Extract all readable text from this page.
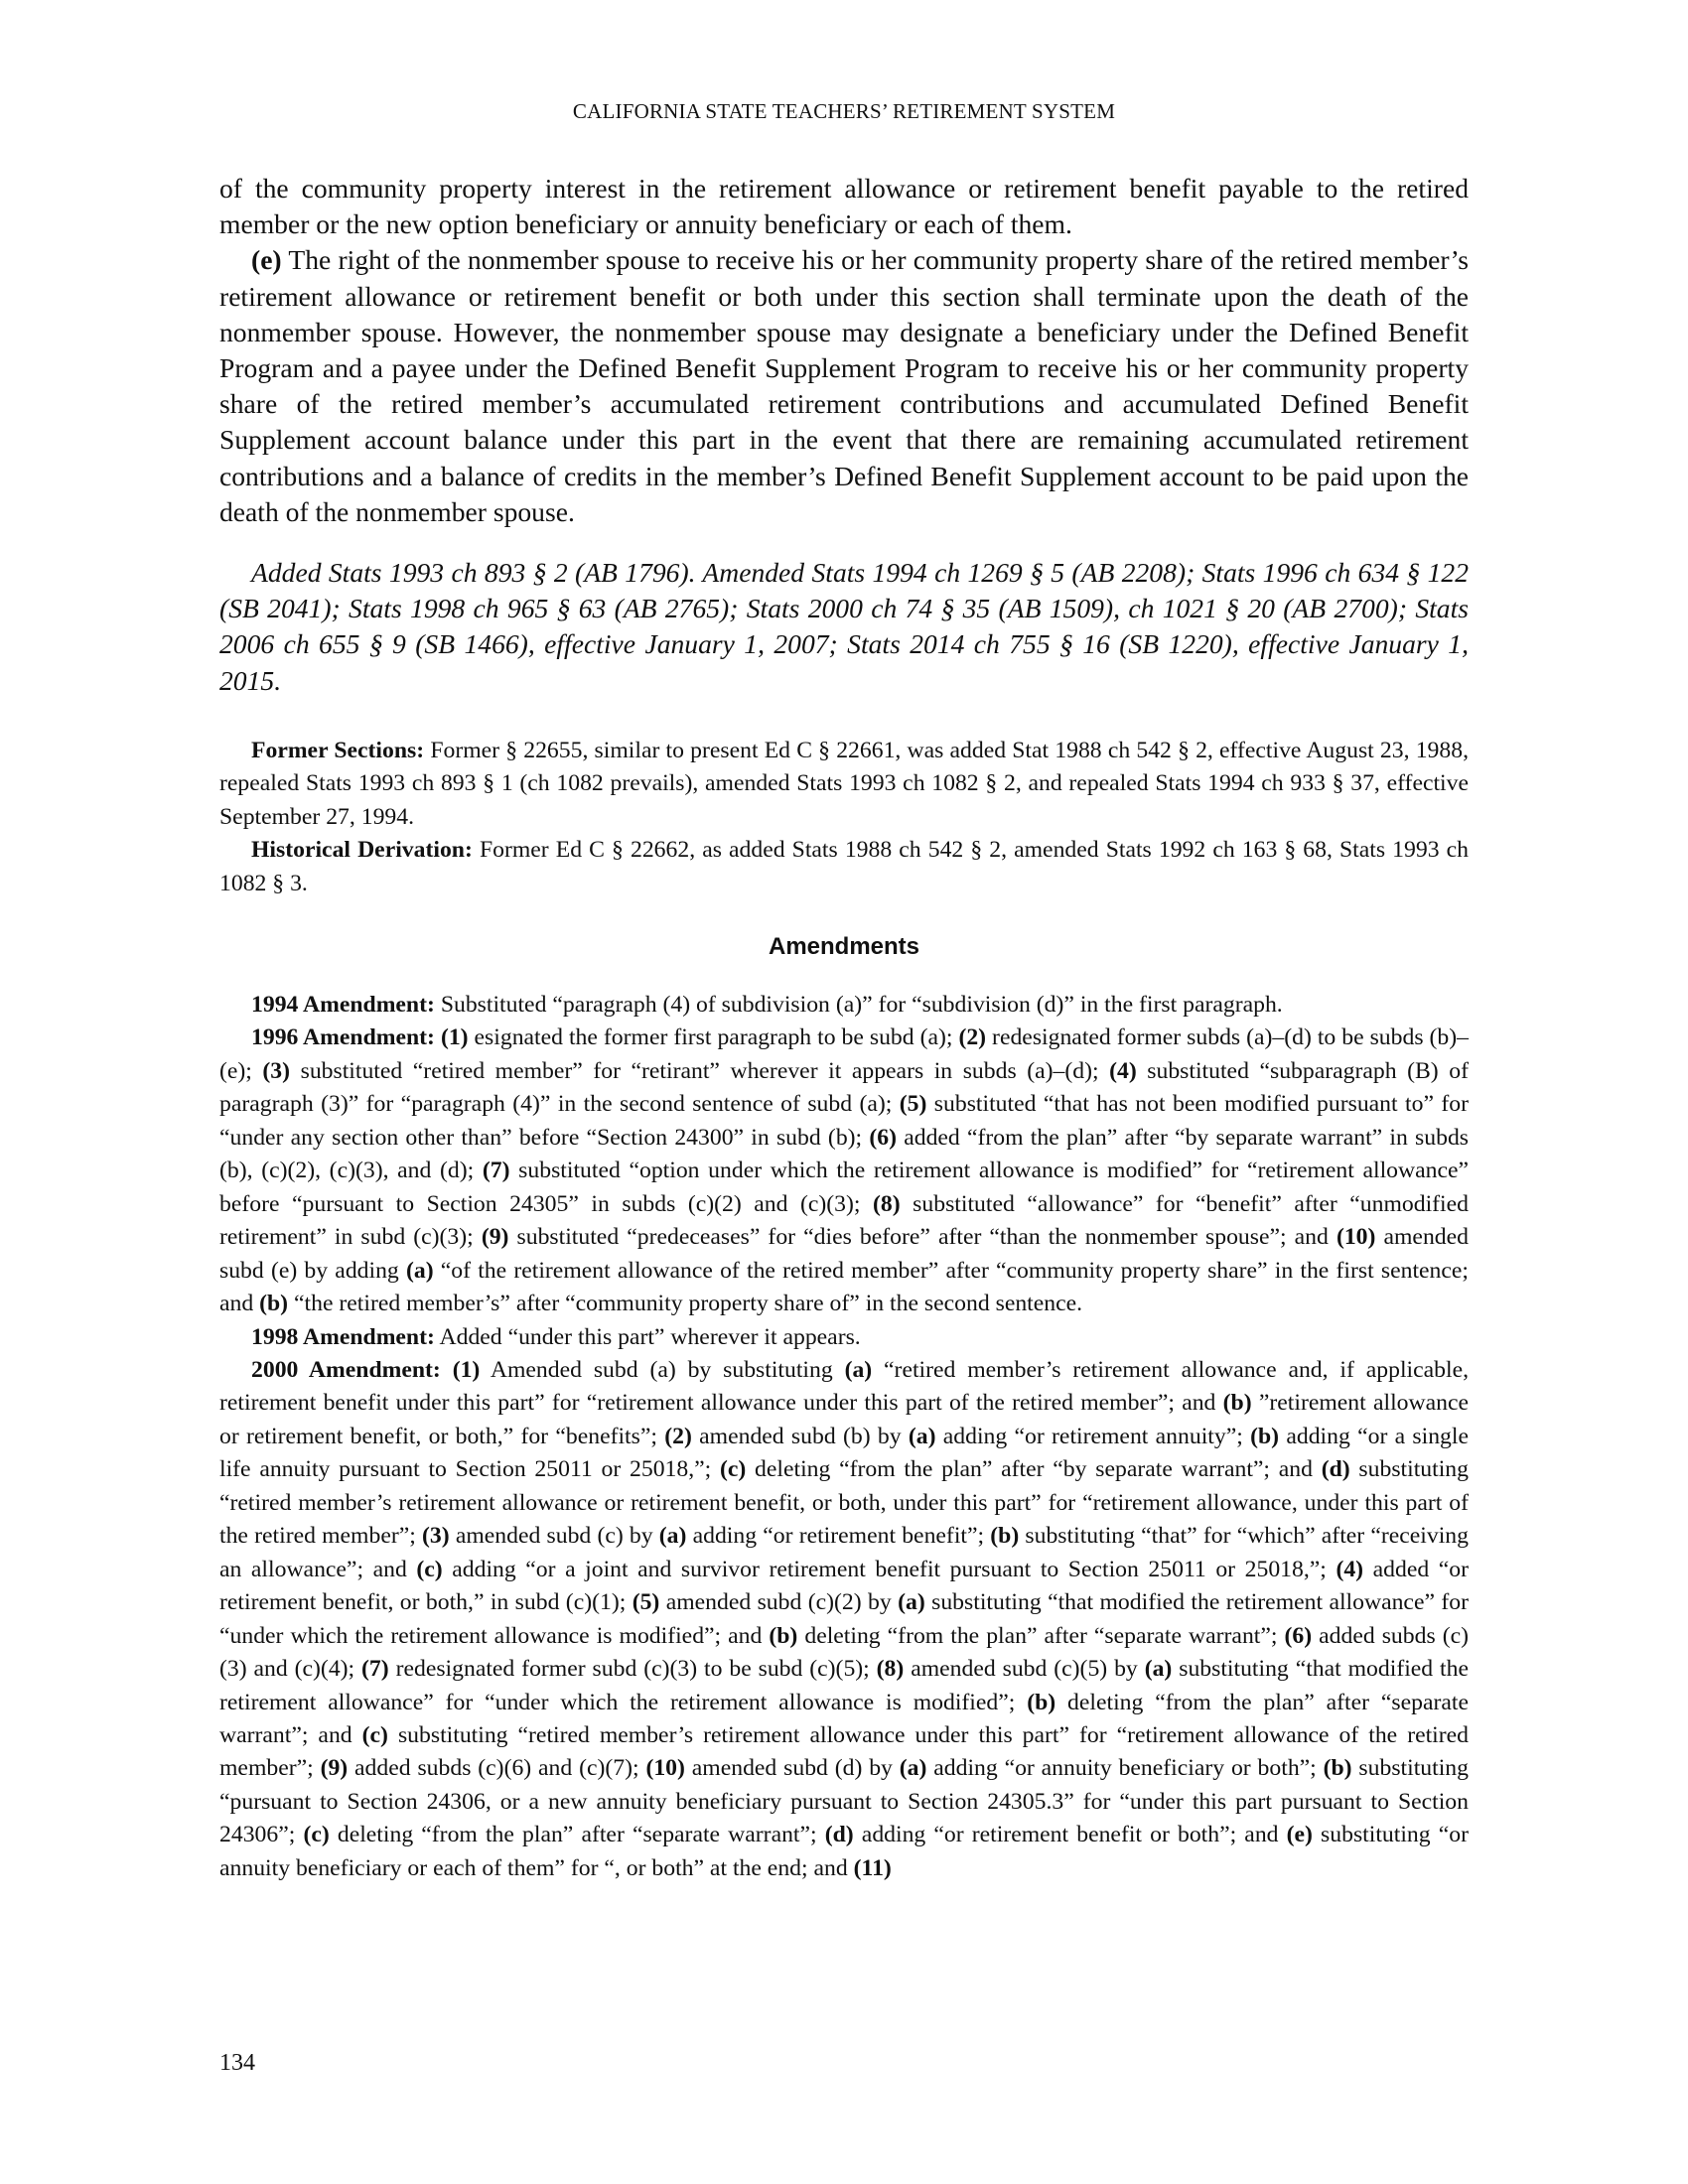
CALIFORNIA STATE TEACHERS’ RETIREMENT SYSTEM

of the community property interest in the retirement allowance or retirement benefit payable to the retired member or the new option beneficiary or annuity beneficiary or each of them.

(e) The right of the nonmember spouse to receive his or her community property share of the retired member’s retirement allowance or retirement benefit or both under this section shall terminate upon the death of the nonmember spouse. However, the nonmember spouse may designate a beneficiary under the Defined Benefit Program and a payee under the Defined Benefit Supplement Program to receive his or her community property share of the retired member’s accumulated retirement contributions and accumulated Defined Benefit Supplement account balance under this part in the event that there are remaining accumulated retirement contributions and a balance of credits in the member’s Defined Benefit Supplement account to be paid upon the death of the nonmember spouse.

Added Stats 1993 ch 893 § 2 (AB 1796). Amended Stats 1994 ch 1269 § 5 (AB 2208); Stats 1996 ch 634 § 122 (SB 2041); Stats 1998 ch 965 § 63 (AB 2765); Stats 2000 ch 74 § 35 (AB 1509), ch 1021 § 20 (AB 2700); Stats 2006 ch 655 § 9 (SB 1466), effective January 1, 2007; Stats 2014 ch 755 § 16 (SB 1220), effective January 1, 2015.

Former Sections: Former § 22655, similar to present Ed C § 22661, was added Stat 1988 ch 542 § 2, effective August 23, 1988, repealed Stats 1993 ch 893 § 1 (ch 1082 prevails), amended Stats 1993 ch 1082 § 2, and repealed Stats 1994 ch 933 § 37, effective September 27, 1994.

Historical Derivation: Former Ed C § 22662, as added Stats 1988 ch 542 § 2, amended Stats 1992 ch 163 § 68, Stats 1993 ch 1082 § 3.

Amendments

1994 Amendment: Substituted “paragraph (4) of subdivision (a)” for “subdivision (d)” in the first paragraph.

1996 Amendment: (1) esignated the former first paragraph to be subd (a); (2) redesignated former subds (a)–(d) to be subds (b)–(e); (3) substituted “retired member” for “retirant” wherever it appears in subds (a)–(d); (4) substituted “subparagraph (B) of paragraph (3)” for “paragraph (4)” in the second sentence of subd (a); (5) substituted “that has not been modified pursuant to” for “under any section other than” before “Section 24300” in subd (b); (6) added “from the plan” after “by separate warrant” in subds (b), (c)(2), (c)(3), and (d); (7) substituted “option under which the retirement allowance is modified” for “retirement allowance” before “pursuant to Section 24305” in subds (c)(2) and (c)(3); (8) substituted “allowance” for “benefit” after “unmodified retirement” in subd (c)(3); (9) substituted “predeceases” for “dies before” after “than the nonmember spouse”; and (10) amended subd (e) by adding (a) “of the retirement allowance of the retired member” after “community property share” in the first sentence; and (b) “the retired member’s” after “community property share of” in the second sentence.

1998 Amendment: Added “under this part” wherever it appears.

2000 Amendment: (1) Amended subd (a) by substituting (a) “retired member’s retirement allowance and, if applicable, retirement benefit under this part” for “retirement allowance under this part of the retired member”; and (b) ”retirement allowance or retirement benefit, or both,” for “benefits”; (2) amended subd (b) by (a) adding “or retirement annuity”; (b) adding “or a single life annuity pursuant to Section 25011 or 25018,”; (c) deleting “from the plan” after “by separate warrant”; and (d) substituting “retired member’s retirement allowance or retirement benefit, or both, under this part” for “retirement allowance, under this part of the retired member”; (3) amended subd (c) by (a) adding “or retirement benefit”; (b) substituting “that” for “which” after “receiving an allowance”; and (c) adding “or a joint and survivor retirement benefit pursuant to Section 25011 or 25018,”; (4) added “or retirement benefit, or both,” in subd (c)(1); (5) amended subd (c)(2) by (a) substituting “that modified the retirement allowance” for “under which the retirement allowance is modified”; and (b) deleting “from the plan” after “separate warrant”; (6) added subds (c)(3) and (c)(4); (7) redesignated former subd (c)(3) to be subd (c)(5); (8) amended subd (c)(5) by (a) substituting “that modified the retirement allowance” for “under which the retirement allowance is modified”; (b) deleting “from the plan” after “separate warrant”; and (c) substituting “retired member’s retirement allowance under this part” for “retirement allowance of the retired member”; (9) added subds (c)(6) and (c)(7); (10) amended subd (d) by (a) adding “or annuity beneficiary or both”; (b) substituting “pursuant to Section 24306, or a new annuity beneficiary pursuant to Section 24305.3” for “under this part pursuant to Section 24306”; (c) deleting “from the plan” after “separate warrant”; (d) adding “or retirement benefit or both”; and (e) substituting “or annuity beneficiary or each of them” for “, or both” at the end; and (11)

134
